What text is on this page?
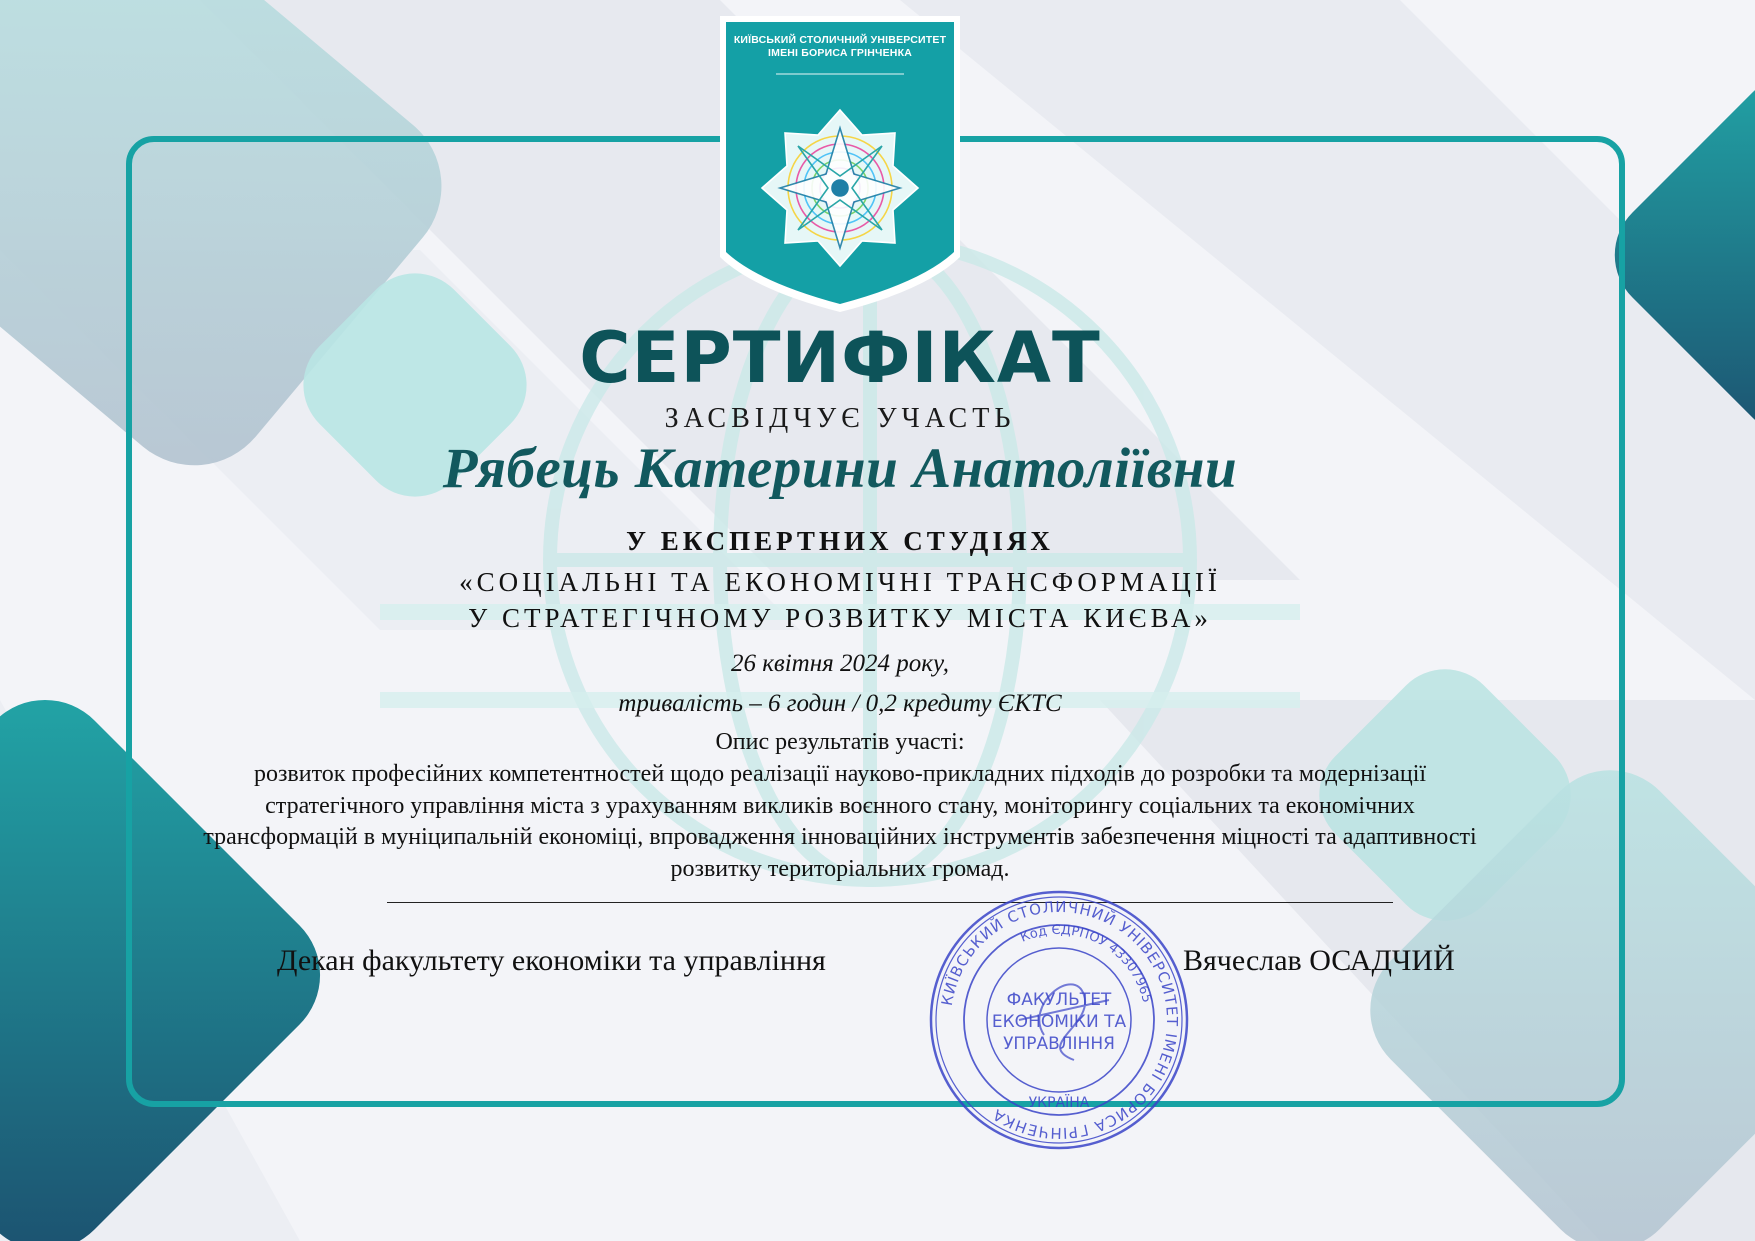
КИЇВСЬКИЙ СТОЛИЧНИЙ УНІВЕРСИТЕТ
ІМЕНІ БОРИСА ГРІНЧЕНКА
СЕРТИФІКАТ
ЗАСВІДЧУЄ УЧАСТЬ
Рябець Катерини Анатоліївни
У ЕКСПЕРТНИХ СТУДІЯХ
«СОЦІАЛЬНІ ТА ЕКОНОМІЧНІ ТРАНСФОРМАЦІЇ
У СТРАТЕГІЧНОМУ РОЗВИТКУ МІСТА КИЄВА»
26 квітня 2024 року,
тривалість – 6 годин / 0,2 кредиту ЄКТС
Опис результатів участі:
розвиток професійних компетентностей щодо реалізації науково-прикладних підходів до розробки та модернізації стратегічного управління міста з урахуванням викликів воєнного стану, моніторингу соціальних та економічних трансформацій в муніципальній економіці, впровадження інноваційних інструментів забезпечення міцності та адаптивності розвитку територіальних громад.
Декан факультету економіки та управління	Вячеслав ОСАДЧИЙ
КИЇВСЬКИЙ СТОЛИЧНИЙ УНІВЕРСИТЕТ ІМЕНІ БОРИСА ГРІНЧЕНКА
Код ЄДРПОУ 43307965
ФАКУЛЬТЕТ
ЕКОНОМІКИ ТА
УПРАВЛІННЯ
УКРАЇНА
